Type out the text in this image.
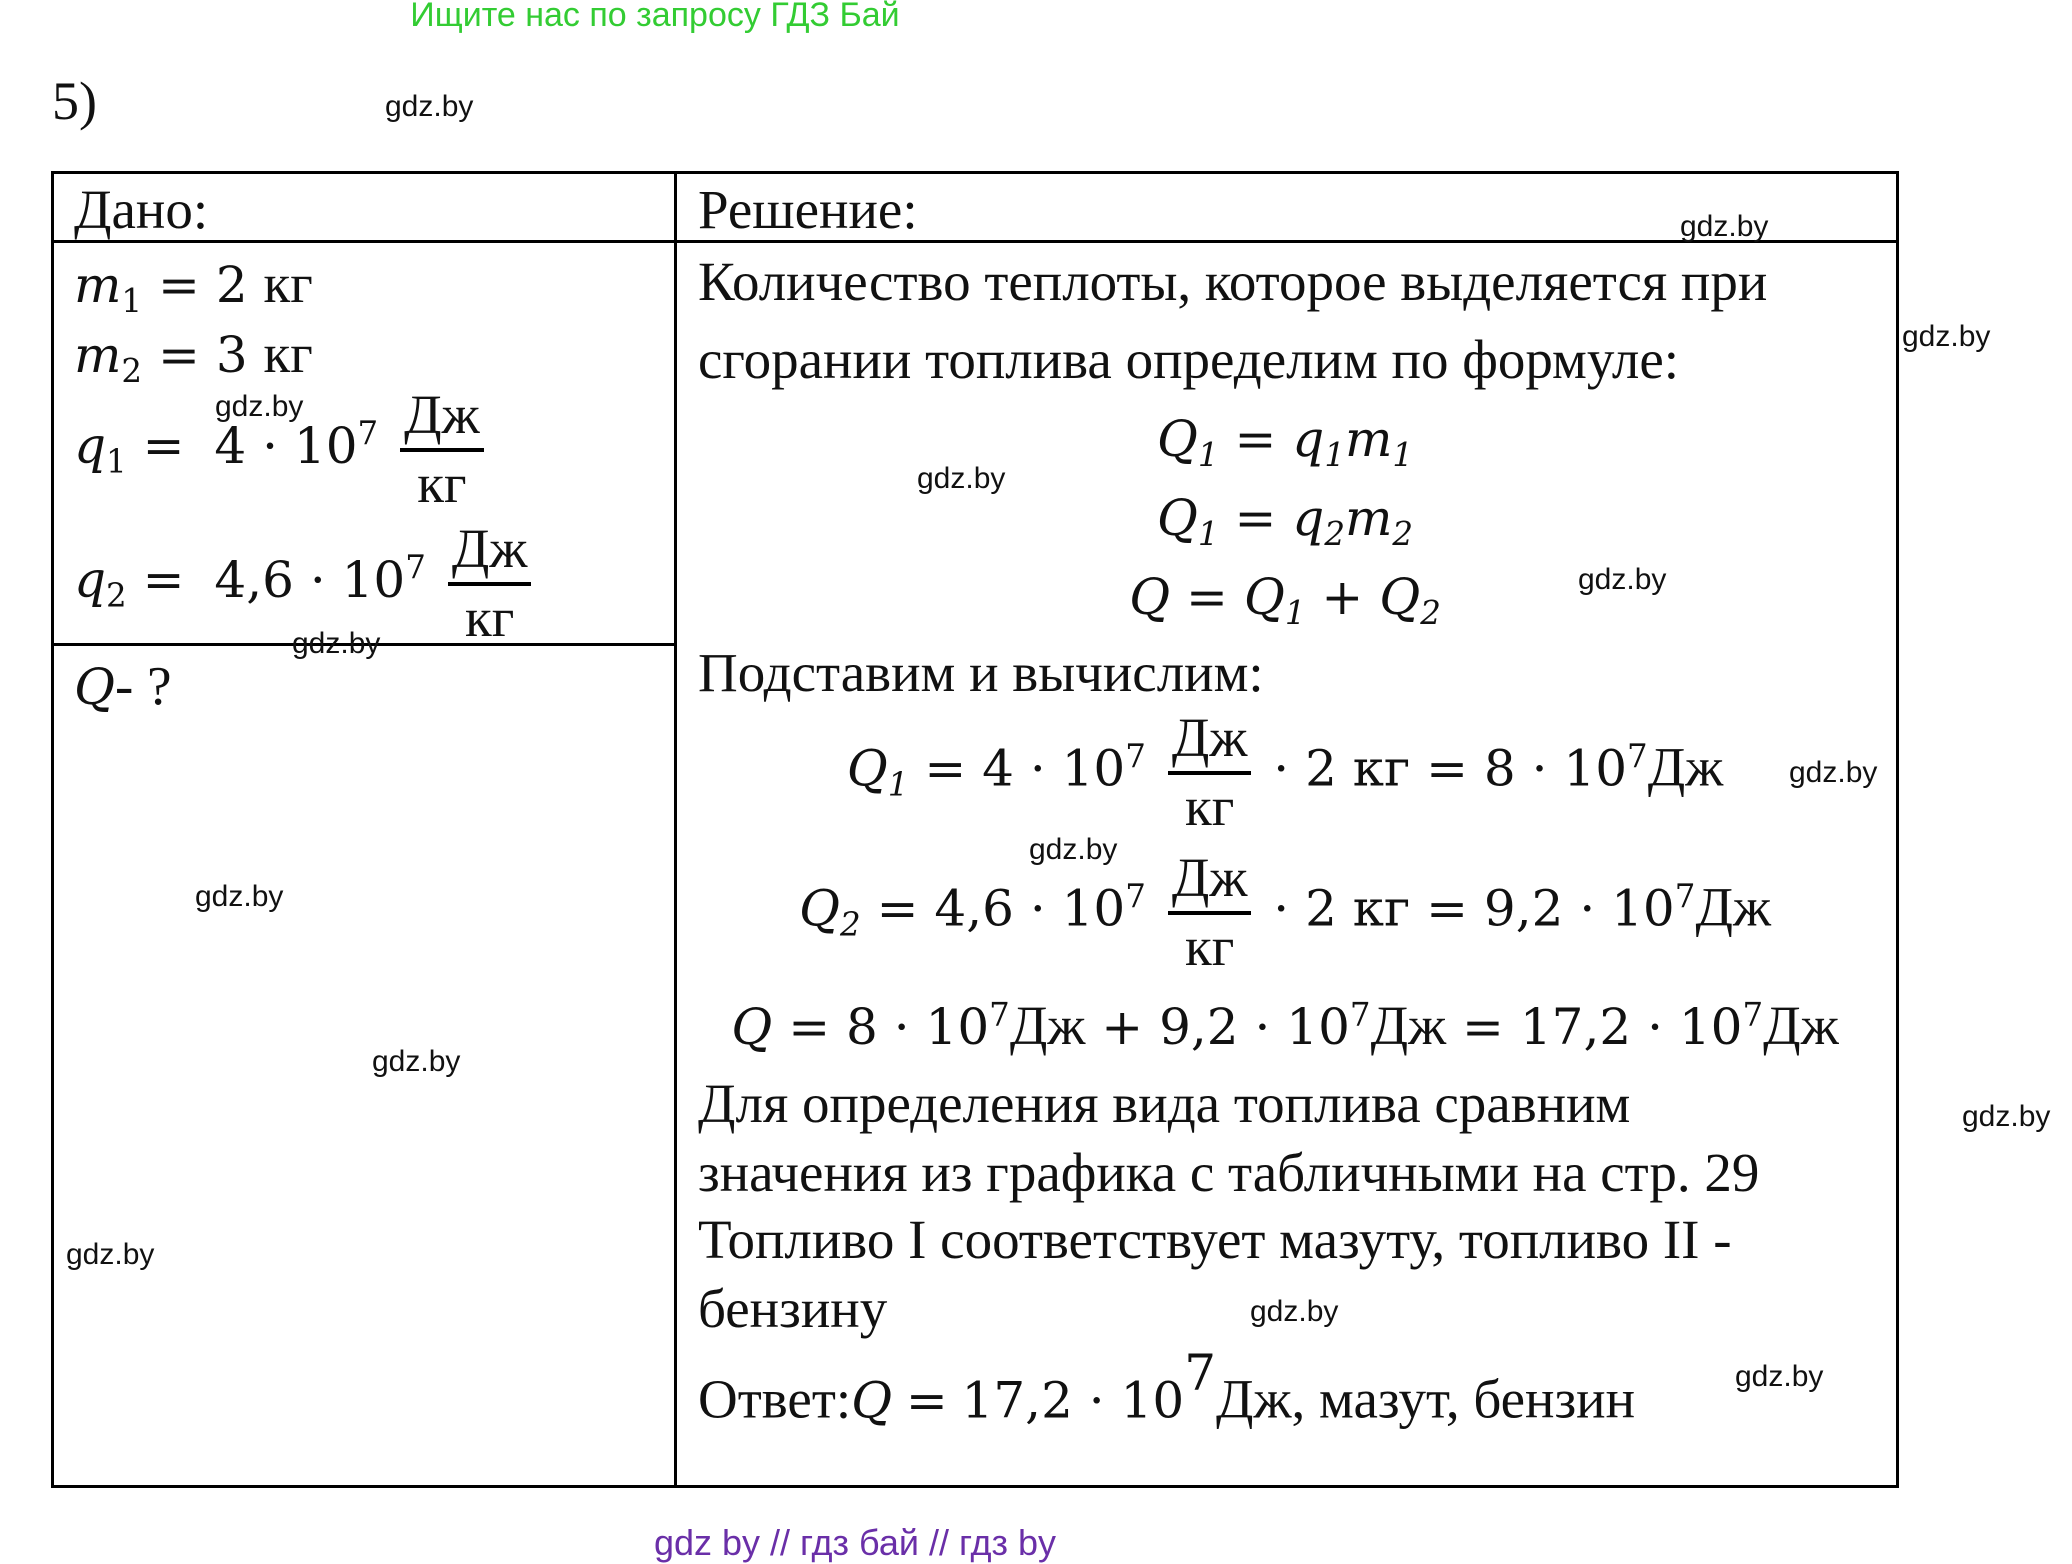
Ищите нас по запросу ГДЗ Бай
5)
Дано:
$m_1 = 2$ кг
$m_2 = 3$ кг
$q_1 = 4 \cdot 10^7 \frac{Дж}{кг}$
$q_2 = 4,6 \cdot 10^7 \frac{Дж}{кг}$
Q- ?
Решение:
Количество теплоты, которое выделяется при
сгорании топлива определим по формуле:
$Q_1 = q_1m_1$
$Q_1 = q_2m_2$
$Q = Q_1 + Q_2$
Подставим и вычислим:
$Q_1 = 4 \cdot 10^7 \frac{Дж}{кг} \cdot 2$ кг = $8 \cdot 10^7Дж$
$Q_2 = 4,6 \cdot 10^7 \frac{Дж}{кг} \cdot 2$ кг = $9,2 \cdot 10^7Дж$
$Q = 8 \cdot 10^7Дж + 9,2 \cdot 10^7Дж = 17,2 \cdot 10^7Дж$
Для определения вида топлива сравним
значения из графика с табличными на стр. 29
Топливо I соответствует мазуту, топливо II -
бензину
Ответ:Q = $17,2 \cdot 10^7Дж$, мазут, бензин
gdz.by
gdz.by
gdz.by
gdz.by
gdz.by
gdz.by
gdz.by
gdz.by
gdz.by
gdz.by
gdz.by
gdz.by
gdz.by
gdz.by
gdz.by
gdz by // гдз бай // гдз by
